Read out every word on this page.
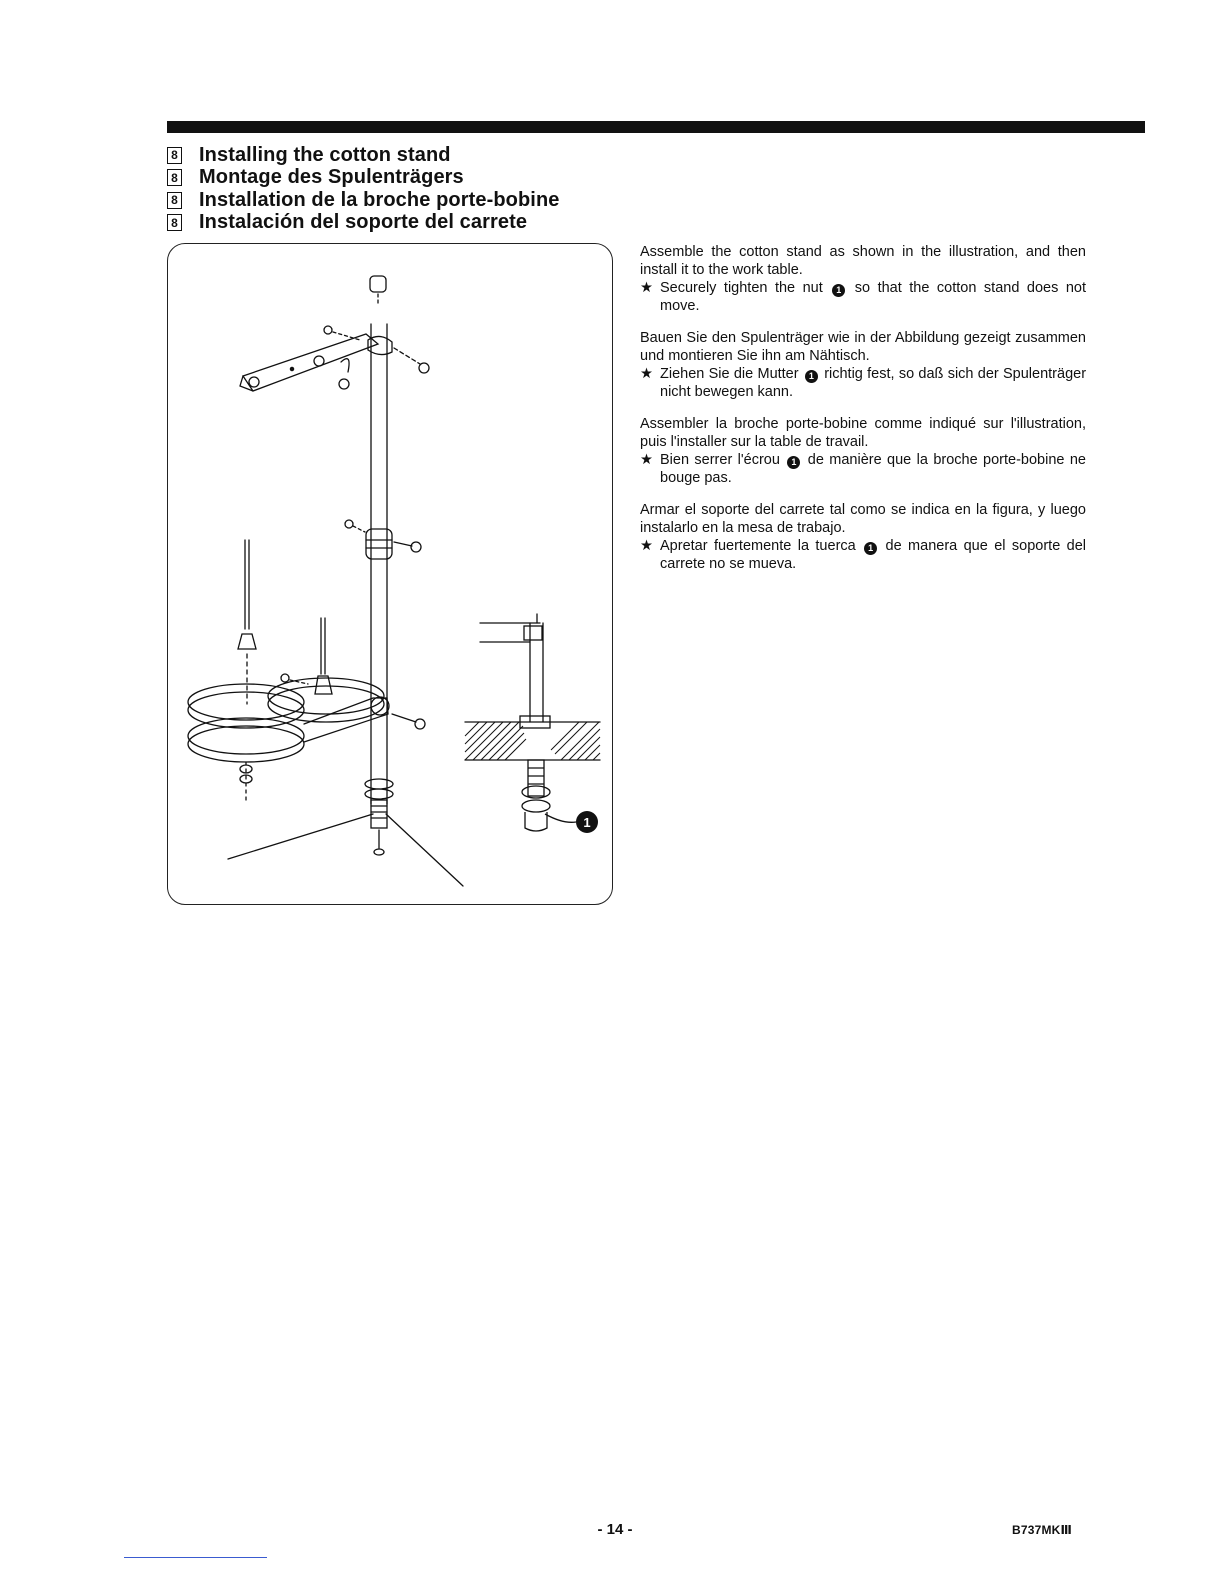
8 Installing the cotton stand
8 Montage des Spulenträgers
8 Installation de la broche porte-bobine
8 Instalación del soporte del carrete
1

Assemble the cotton stand as shown in the illustration, and then install it to the work table.

★ Securely tighten the nut 1 so that the cotton stand does not move.

Bauen Sie den Spulenträger wie in der Abbildung gezeigt zusammen und montieren Sie ihn am Nähtisch.

★ Ziehen Sie die Mutter 1 richtig fest, so daß sich der Spulenträger nicht bewegen kann.

Assembler la broche porte-bobine comme indiqué sur l'illustration, puis l'installer sur la table de travail.

★ Bien serrer l'écrou 1 de manière que la broche porte-bobine ne bouge pas.

Armar el soporte del carrete tal como se indica en la figura, y luego instalarlo en la mesa de trabajo.

★ Apretar fuertemente la tuerca 1 de manera que el soporte del carrete no se mueva.
- 14 -	B737MKⅢ
